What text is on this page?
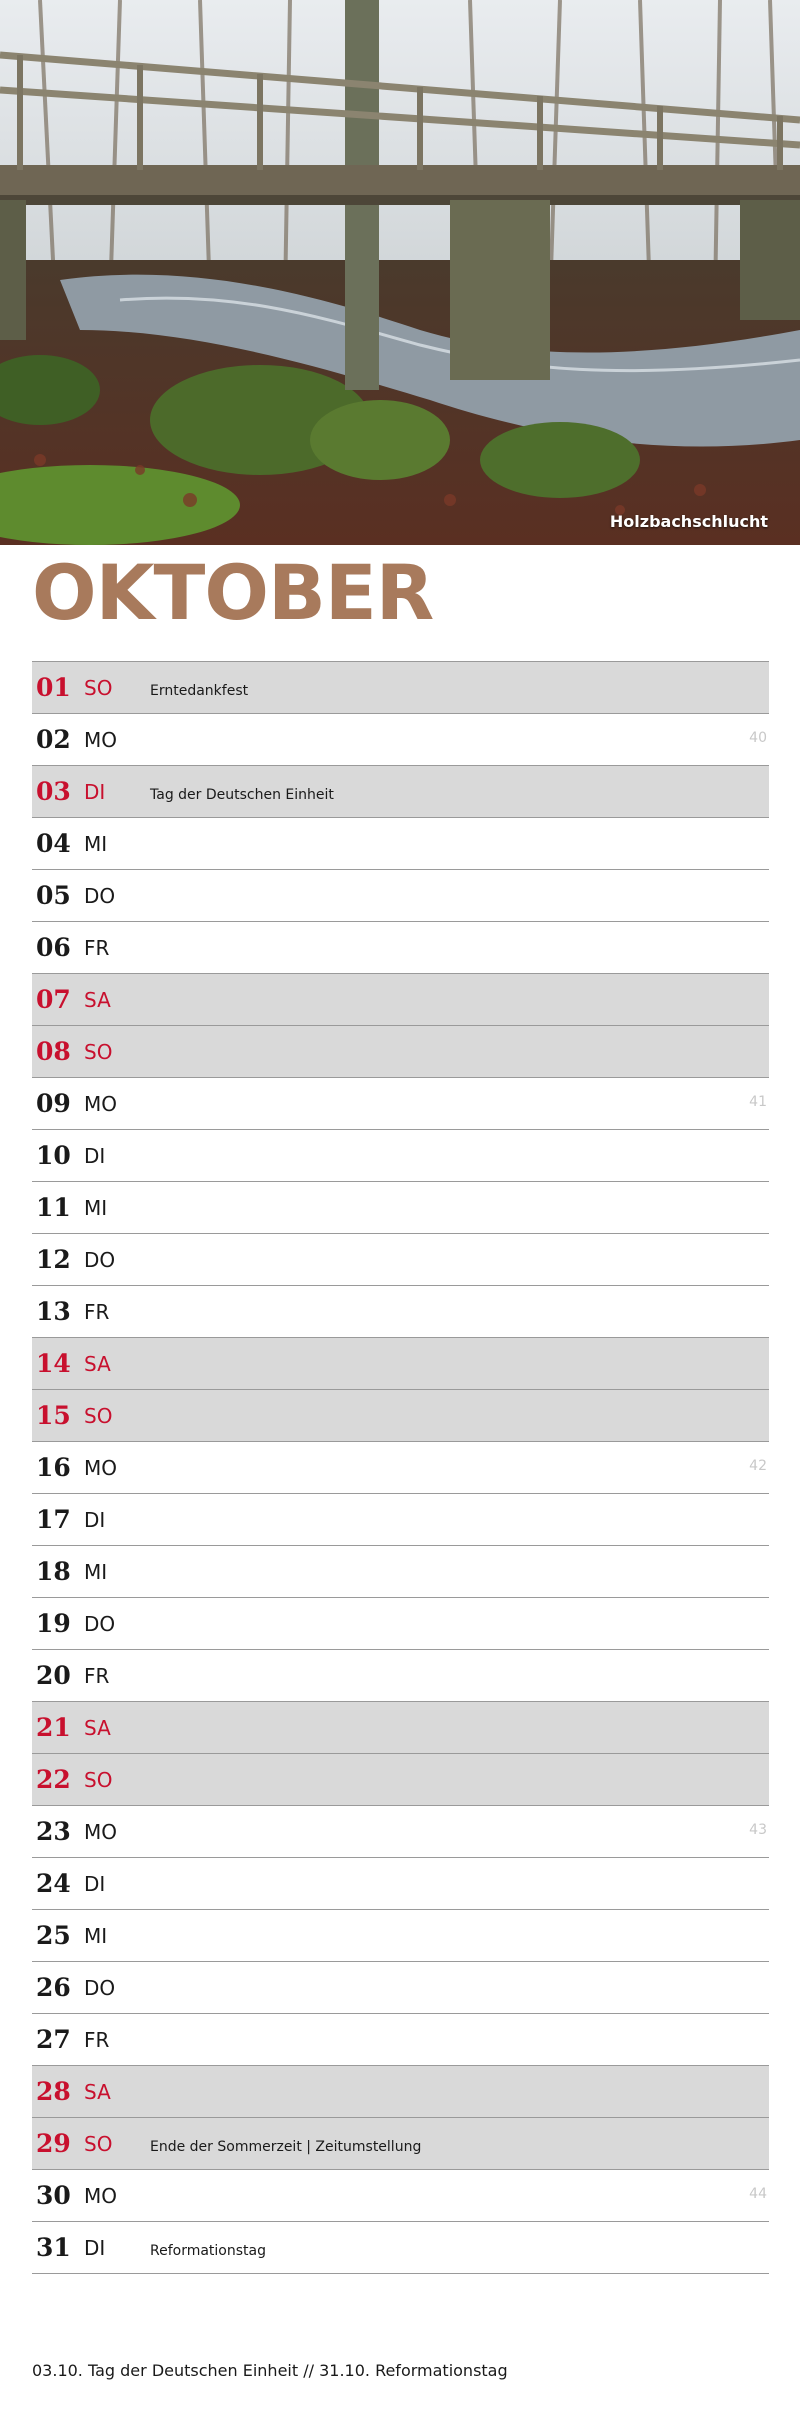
Holzbachschlucht
OKTOBER
01 SO	Erntedankfest
02 MO	40
03 DI	Tag der Deutschen Einheit
04 MI
05 DO
06 FR
07 SA
08 SO
09 MO	41
10 DI
11 MI
12 DO
13 FR
14 SA
15 SO
16 MO	42
17 DI
18 MI
19 DO
20 FR
21 SA
22 SO
23 MO	43
24 DI
25 MI
26 DO
27 FR
28 SA
29 SO	Ende der Sommerzeit | Zeitumstellung
30 MO	44
31 DI	Reformationstag
03.10. Tag der Deutschen Einheit // 31.10. Reformationstag
